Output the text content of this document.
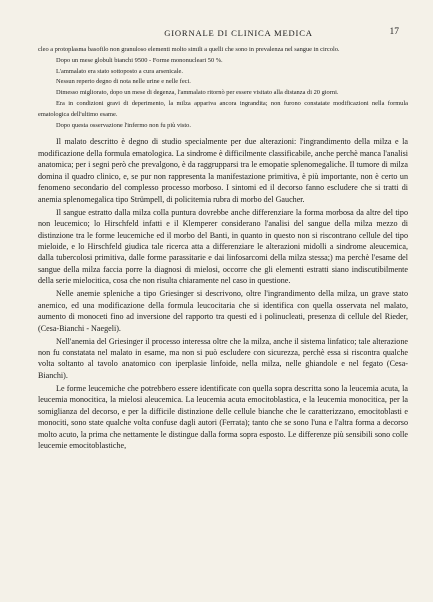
GIORNALE DI CLINICA MEDICA	17

cleo a protoplasma basofilo non granuloso elementi molto simili a quelli che sono in prevalenza nel sangue in circolo.

Dopo un mese globuli bianchi 9500 - Forme mononucleari 50 %.

L'ammalato era stato sottoposto a cura arsenicale.

Nessun reperto degno di nota nelle urine e nelle feci.

Dimesso migliorato, dopo un mese di degenza, l'ammalato ritornò per essere visitato alla distanza di 20 giorni.

Era in condizioni gravi di deperimento, la milza appariva ancora ingrandita; non furono constatate modificazioni nella formula ematologica dell'ultimo esame.

Dopo questa osservazione l'infermo non fu più visto.

Il malato descritto è degno di studio specialmente per due alterazioni: l'ingrandimento della milza e la modificazione della formula ematologica. La sindrome è difficilmente classificabile, anche perchè manca l'analisi anatomica; per i segni però che prevalgono, è da raggrupparsi tra le emopatie splenomegaliche. Il tumore di milza domina il quadro clinico, e, se pur non rappresenta la manifestazione primitiva, è più importante, non è certo un fenomeno secondario del complesso processo morboso. I sintomi ed il decorso fanno escludere che si tratti di anemia splenomegalica tipo Strümpell, di policitemia rubra di morbo del Gaucher.

Il sangue estratto dalla milza colla puntura dovrebbe anche differenziare la forma morbosa da altre del tipo non leucemico; lo Hirschfeld infatti e il Klemperer considerano l'analisi del sangue della milza mezzo di distinzione tra le forme leucemiche ed il morbo del Banti, in quanto in questo non si riscontrano cellule del tipo mieloide, e lo Hirschfeld giudica tale ricerca atta a differenziare le alterazioni midolli a sindrome aleucemica, dalla tubercolosi primitiva, dalle forme parassitarie e dai linfosarcomi della milza stessa;) ma perchè l'esame del sangue della milza faccia porre la diagnosi di mielosi, occorre che gli elementi estratti siano indiscutibilmente della serie mielocitica, cosa che non risulta chiaramente nel caso in questione.

Nelle anemie spleniche a tipo Griesinger si descrivono, oltre l'ingrandimento della milza, un grave stato anemico, ed una modificazione della formula leucocitaria che si identifica con quella osservata nel malato, aumento di monoceti fino ad inversione del rapporto tra questi ed i polinucleati, presenza di cellule del Rieder, (Cesa-Bianchi - Naegeli).

Nell'anemia del Griesinger il processo interessa oltre che la milza, anche il sistema linfatico; tale alterazione non fu constatata nel malato in esame, ma non si può escludere con sicurezza, perchè essa si riscontra qualche volta soltanto al tavolo anatomico con iperplasie linfoide, nella milza, nelle ghiandole e nel fegato (Cesa-Bianchi).

Le forme leucemiche che potrebbero essere identificate con quella sopra descritta sono la leucemia acuta, la leucemia monocitica, la mielosi aleucemica. La leucemia acuta emocitoblastica, e la leucemia monocitica, per la somiglianza del decorso, e per la difficile distinzione delle cellule bianche che le caratterizzano, emocitoblasti e monociti, sono state qualche volta confuse dagli autori (Ferrata); tanto che se sono l'una e l'altra forma a decorso molto acuto, la prima che nettamente le distingue dalla forma sopra esposto. Le differenze più sensibili sono colle leucemie emocitoblastiche,
